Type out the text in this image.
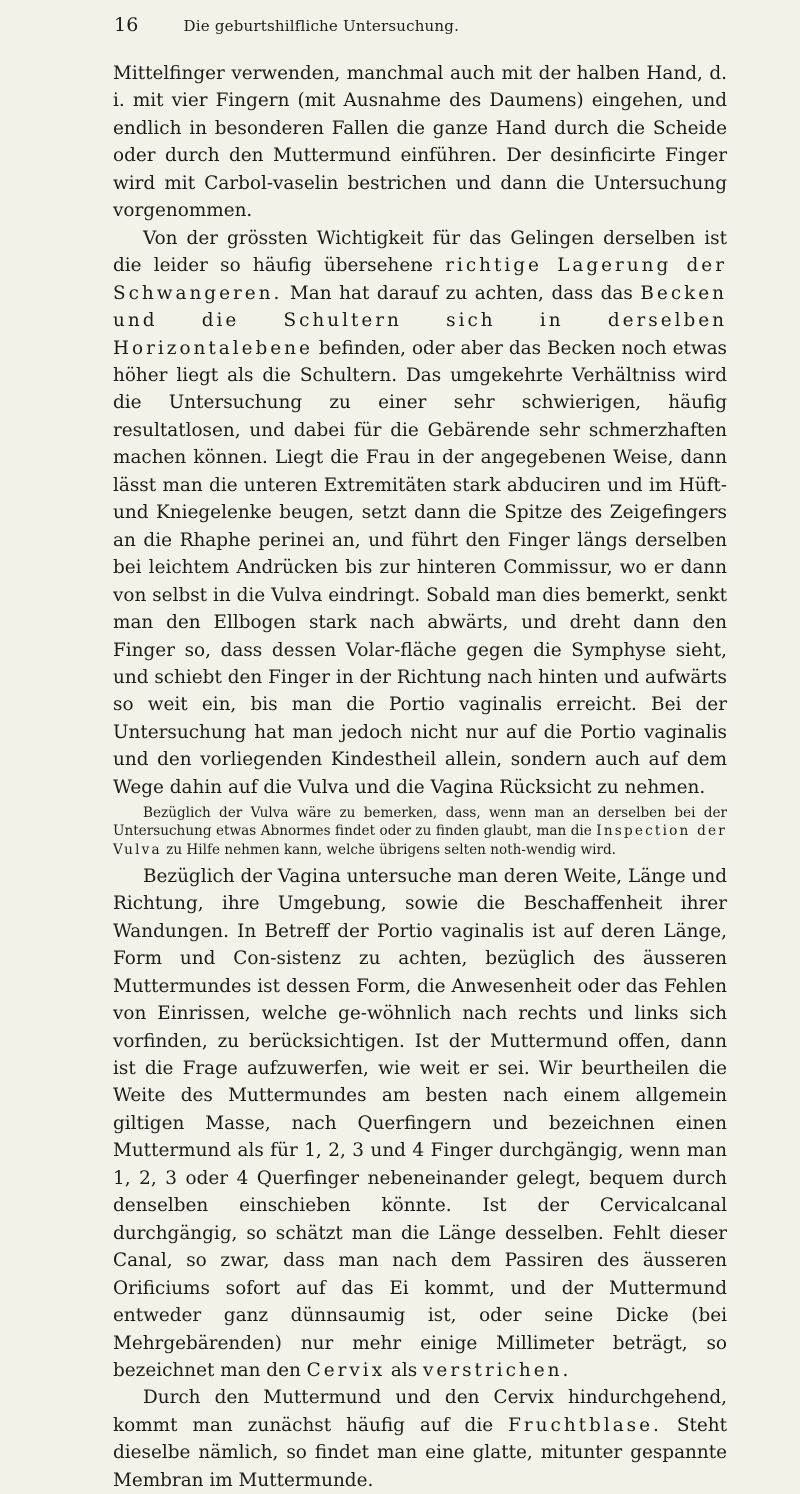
16	Die geburtshilfliche Untersuchung.

Mittelfinger verwenden, manchmal auch mit der halben Hand, d. i. mit vier Fingern (mit Ausnahme des Daumens) eingehen, und endlich in besonderen Fallen die ganze Hand durch die Scheide oder durch den Muttermund einführen. Der desinficirte Finger wird mit Carbol-vaselin bestrichen und dann die Untersuchung vorgenommen.

Von der grössten Wichtigkeit für das Gelingen derselben ist die leider so häufig übersehene richtige Lagerung der Schwangeren. Man hat darauf zu achten, dass das Becken und die Schultern sich in derselben Horizontalebene befinden, oder aber das Becken noch etwas höher liegt als die Schultern. Das umgekehrte Verhältniss wird die Untersuchung zu einer sehr schwierigen, häufig resultatlosen, und dabei für die Gebärende sehr schmerzhaften machen können. Liegt die Frau in der angegebenen Weise, dann lässt man die unteren Extremitäten stark abduciren und im Hüft- und Kniegelenke beugen, setzt dann die Spitze des Zeigefingers an die Rhaphe perinei an, und führt den Finger längs derselben bei leichtem Andrücken bis zur hinteren Commissur, wo er dann von selbst in die Vulva eindringt. Sobald man dies bemerkt, senkt man den Ellbogen stark nach abwärts, und dreht dann den Finger so, dass dessen Volar-fläche gegen die Symphyse sieht, und schiebt den Finger in der Richtung nach hinten und aufwärts so weit ein, bis man die Portio vaginalis erreicht. Bei der Untersuchung hat man jedoch nicht nur auf die Portio vaginalis und den vorliegenden Kindestheil allein, sondern auch auf dem Wege dahin auf die Vulva und die Vagina Rücksicht zu nehmen.

Bezüglich der Vulva wäre zu bemerken, dass, wenn man an derselben bei der Untersuchung etwas Abnormes findet oder zu finden glaubt, man die Inspection der Vulva zu Hilfe nehmen kann, welche übrigens selten noth-wendig wird.

Bezüglich der Vagina untersuche man deren Weite, Länge und Richtung, ihre Umgebung, sowie die Beschaffenheit ihrer Wandungen. In Betreff der Portio vaginalis ist auf deren Länge, Form und Con-sistenz zu achten, bezüglich des äusseren Muttermundes ist dessen Form, die Anwesenheit oder das Fehlen von Einrissen, welche ge-wöhnlich nach rechts und links sich vorfinden, zu berücksichtigen. Ist der Muttermund offen, dann ist die Frage aufzuwerfen, wie weit er sei. Wir beurtheilen die Weite des Muttermundes am besten nach einem allgemein giltigen Masse, nach Querfingern und bezeichnen einen Muttermund als für 1, 2, 3 und 4 Finger durchgängig, wenn man 1, 2, 3 oder 4 Querfinger nebeneinander gelegt, bequem durch denselben einschieben könnte. Ist der Cervicalcanal durchgängig, so schätzt man die Länge desselben. Fehlt dieser Canal, so zwar, dass man nach dem Passiren des äusseren Orificiums sofort auf das Ei kommt, und der Muttermund entweder ganz dünnsaumig ist, oder seine Dicke (bei Mehrgebärenden) nur mehr einige Millimeter beträgt, so bezeichnet man den Cervix als verstrichen.

Durch den Muttermund und den Cervix hindurchgehend, kommt man zunächst häufig auf die Fruchtblase. Steht dieselbe nämlich, so findet man eine glatte, mitunter gespannte Membran im Muttermunde.
